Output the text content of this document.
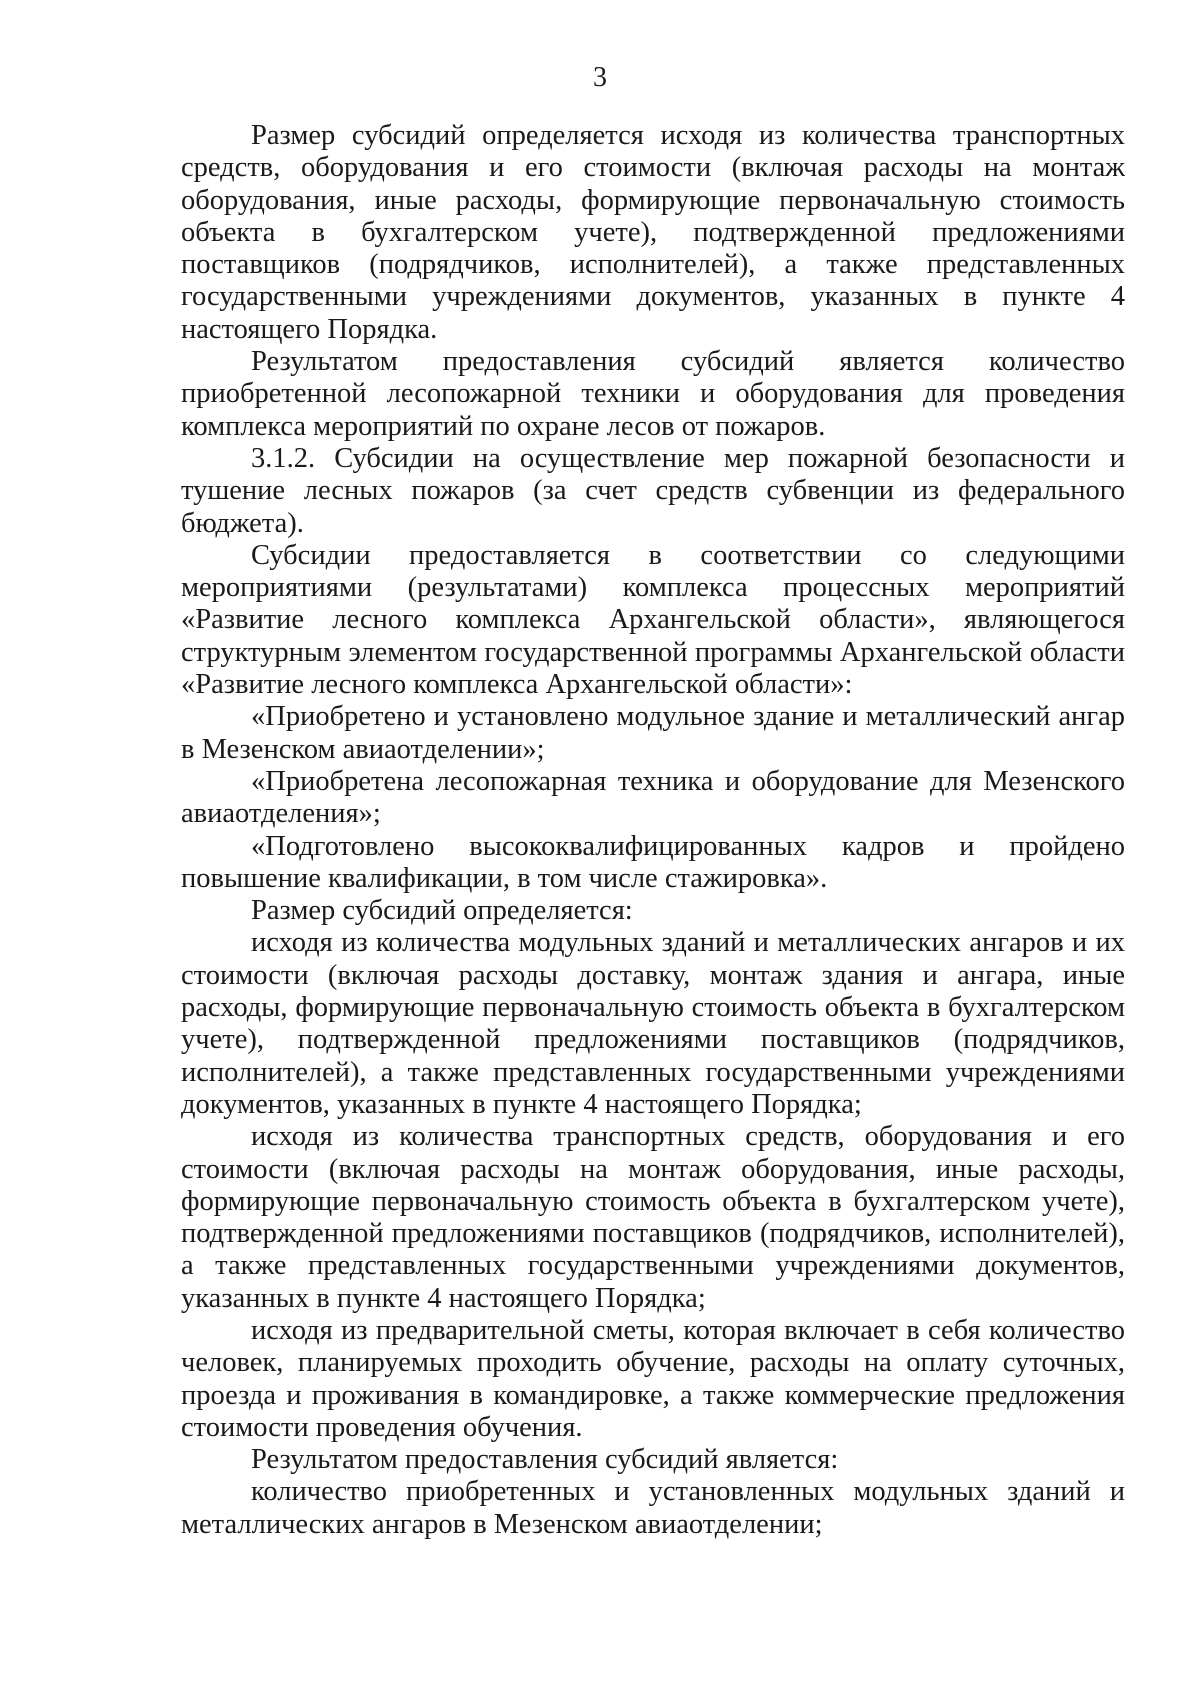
3

Размер субсидий определяется исходя из количества транспортных средств, оборудования и его стоимости (включая расходы на монтаж оборудования, иные расходы, формирующие первоначальную стоимость объекта в бухгалтерском учете), подтвержденной предложениями поставщиков (подрядчиков, исполнителей), а также представленных государственными учреждениями документов, указанных в пункте 4 настоящего Порядка.

Результатом предоставления субсидий является количество приобретенной лесопожарной техники и оборудования для проведения комплекса мероприятий по охране лесов от пожаров.

3.1.2. Субсидии на осуществление мер пожарной безопасности и тушение лесных пожаров (за счет средств субвенции из федерального бюджета).

Субсидии предоставляется в соответствии со следующими мероприятиями (результатами) комплекса процессных мероприятий «Развитие лесного комплекса Архангельской области», являющегося структурным элементом государственной программы Архангельской области «Развитие лесного комплекса Архангельской области»:

«Приобретено и установлено модульное здание и металлический ангар в Мезенском авиаотделении»;

«Приобретена лесопожарная техника и оборудование для Мезенского авиаотделения»;

«Подготовлено высококвалифицированных кадров и пройдено повышение квалификации, в том числе стажировка».

Размер субсидий определяется:

исходя из количества модульных зданий и металлических ангаров и их стоимости (включая расходы доставку, монтаж здания и ангара, иные расходы, формирующие первоначальную стоимость объекта в бухгалтерском учете), подтвержденной предложениями поставщиков (подрядчиков, исполнителей), а также представленных государственными учреждениями документов, указанных в пункте 4 настоящего Порядка;

исходя из количества транспортных средств, оборудования и его стоимости (включая расходы на монтаж оборудования, иные расходы, формирующие первоначальную стоимость объекта в бухгалтерском учете), подтвержденной предложениями поставщиков (подрядчиков, исполнителей), а также представленных государственными учреждениями документов, указанных в пункте 4 настоящего Порядка;

исходя из предварительной сметы, которая включает в себя количество человек, планируемых проходить обучение, расходы на оплату суточных, проезда и проживания в командировке, а также коммерческие предложения стоимости проведения обучения.

Результатом предоставления субсидий является:

количество приобретенных и установленных модульных зданий и металлических ангаров в Мезенском авиаотделении;
